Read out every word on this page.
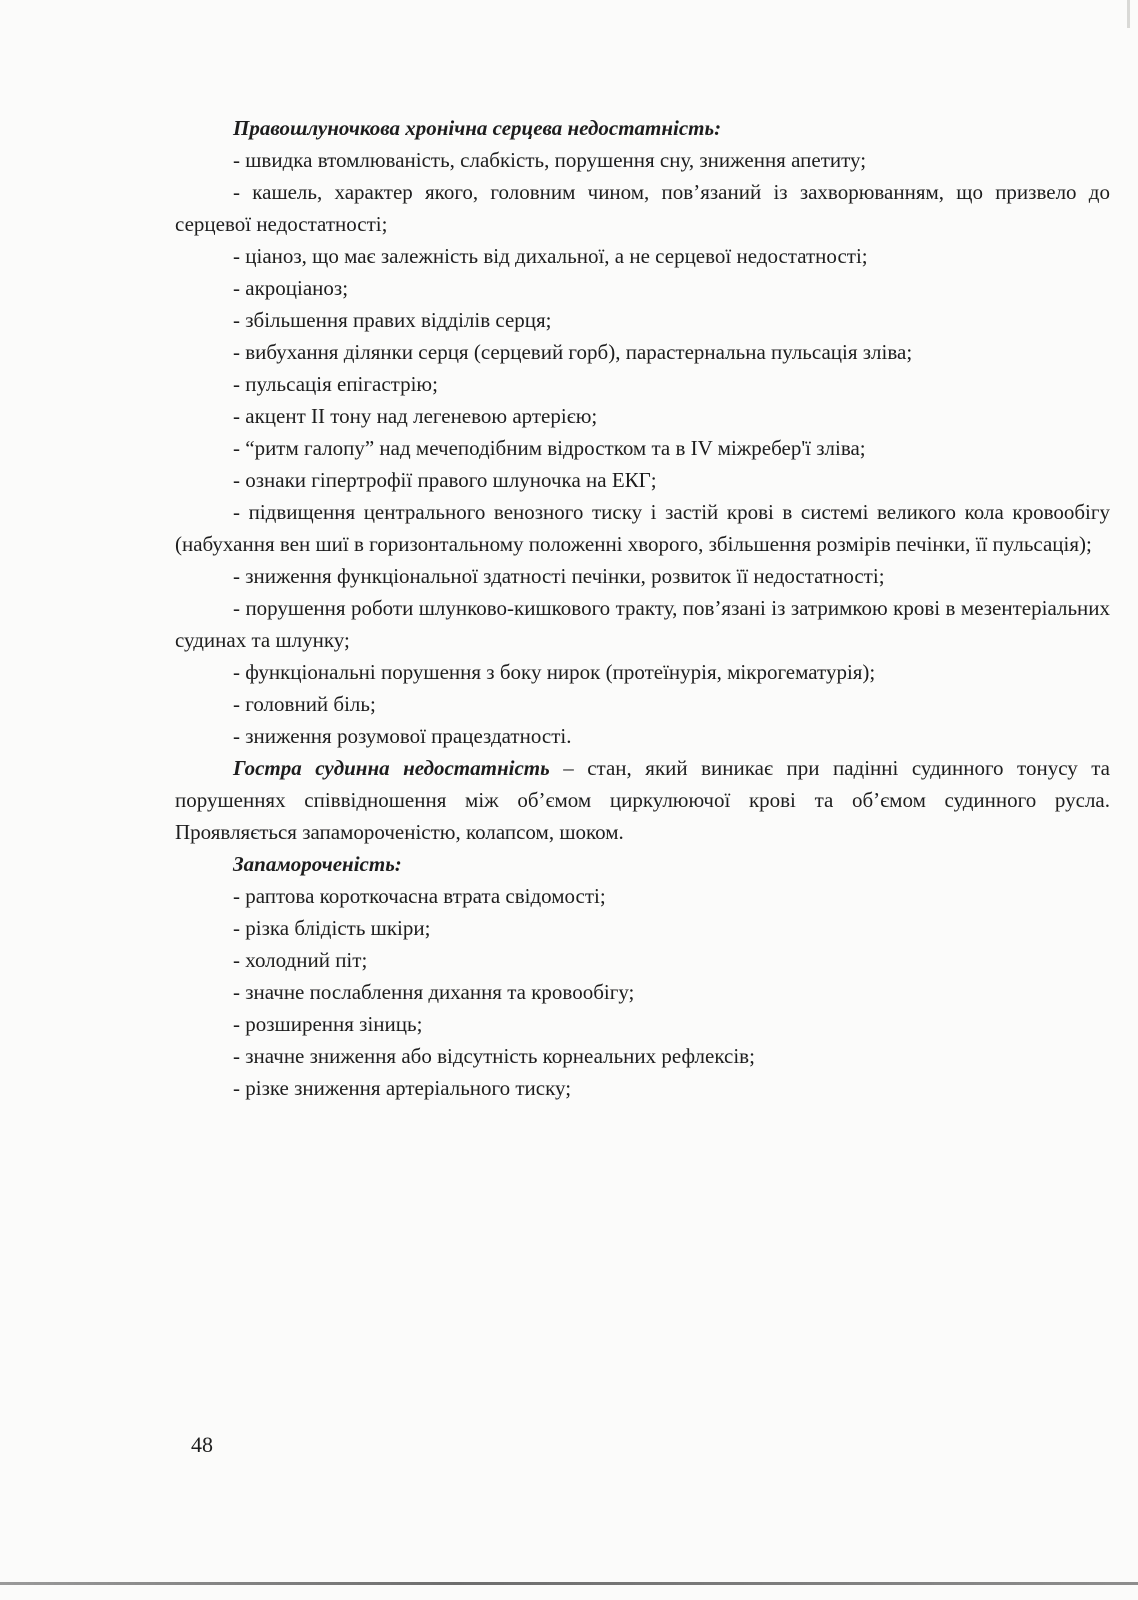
Правошлуночкова хронічна серцева недостатність:

- швидка втомлюваність, слабкість, порушення сну, зниження апетиту;

- кашель, характер якого, головним чином, пов’язаний із захворюванням, що призвело до серцевої недостатності;

- ціаноз, що має залежність від дихальної, а не серцевої недостатності;

- акроціаноз;

- збільшення правих відділів серця;

- вибухання ділянки серця (серцевий горб), парастернальна пульсація зліва;

- пульсація епігастрію;

- акцент ІІ тону над легеневою артерією;

- “ритм галопу” над мечеподібним відростком та в IV міжребер'ї зліва;

- ознаки гіпертрофії правого шлуночка на ЕКГ;

- підвищення центрального венозного тиску і застій крові в системі великого кола кровообігу (набухання вен шиї в горизонтальному положенні хворого, збільшення розмірів печінки, її пульсація);

- зниження функціональної здатності печінки, розвиток її недостатності;

- порушення роботи шлунково-кишкового тракту, пов’язані із затримкою крові в мезентеріальних судинах та шлунку;

- функціональні порушення з боку нирок (протеїнурія, мікрогематурія);

- головний біль;

- зниження розумової працездатності.

Гостра судинна недостатність – стан, який виникає при падінні судинного тонусу та порушеннях співвідношення між об’ємом циркулюючої крові та об’ємом судинного русла. Проявляється запамороченістю, колапсом, шоком.

Запамороченість:

- раптова короткочасна втрата свідомості;

- різка блідість шкіри;

- холодний піт;

- значне послаблення дихання та кровообігу;

- розширення зіниць;

- значне зниження або відсутність корнеальних рефлексів;

- різке зниження артеріального тиску;

48
